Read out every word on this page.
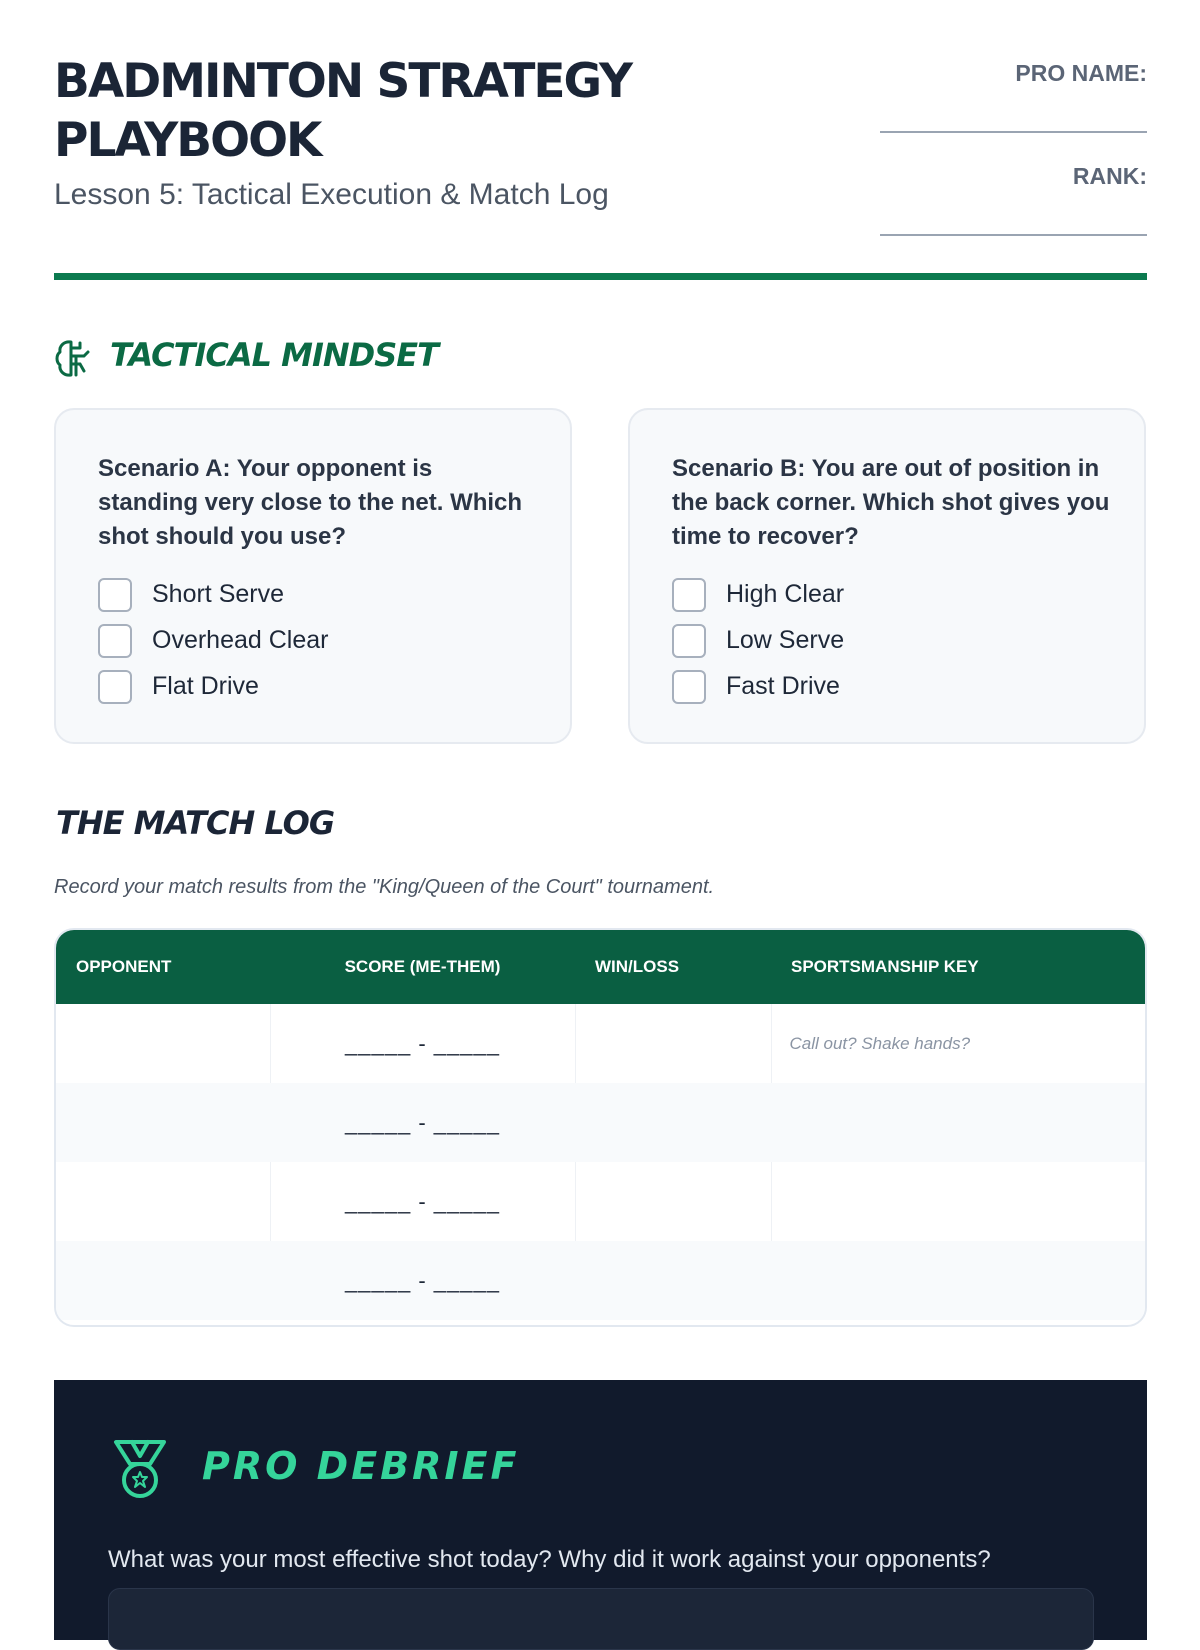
BADMINTON STRATEGY
PLAYBOOK

Lesson 5: Tactical Execution & Match Log

PRO NAME:
RANK:
TACTICAL MINDSET

Scenario A: Your opponent is standing very close to the net. Which shot should you use?

Short Serve
Overhead Clear
Flat Drive

Scenario B: You are out of position in the back corner. Which shot gives you time to recover?

High Clear
Low Serve
Fast Drive
THE MATCH LOG

Record your match results from the "King/Queen of the Court" tournament.

OPPONENT	SCORE (ME-THEM)	WIN/LOSS	SPORTSMANSHIP KEY
	_____ - _____		Call out? Shake hands?
	_____ - _____		
	_____ - _____		
	_____ - _____		
PRO DEBRIEF

What was your most effective shot today? Why did it work against your opponents?
